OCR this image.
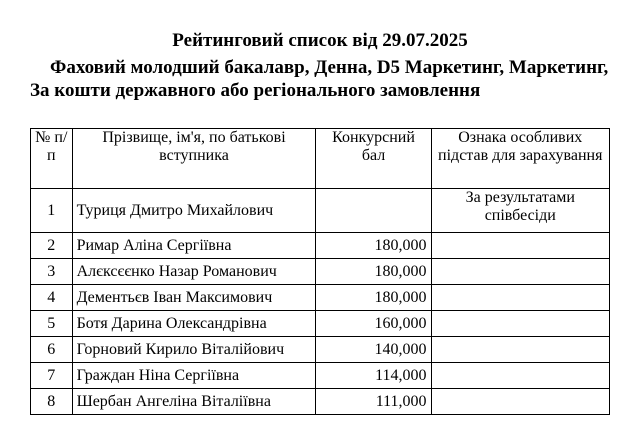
Рейтинговий список від 29.07.2025

Фаховий молодший бакалавр, Денна, D5 Маркетинг, Маркетинг, За кошти державного або регіонального замовлення

№ п/п	Прізвище, ім'я, по батькові вступника	Конкурсний бал	Ознака особливих підстав для зарахування
1	Туриця Дмитро Михайлович		За результатами співбесіди
2	Римар Аліна Сергіївна	180,000	
3	Алєксєєнко Назар Романович	180,000	
4	Дементьєв Іван Максимович	180,000	
5	Ботя Дарина Олександрівна	160,000	
6	Горновий Кирило Віталійович	140,000	
7	Граждан Ніна Сергіївна	114,000	
8	Шербан Ангеліна Віталіївна	111,000	
